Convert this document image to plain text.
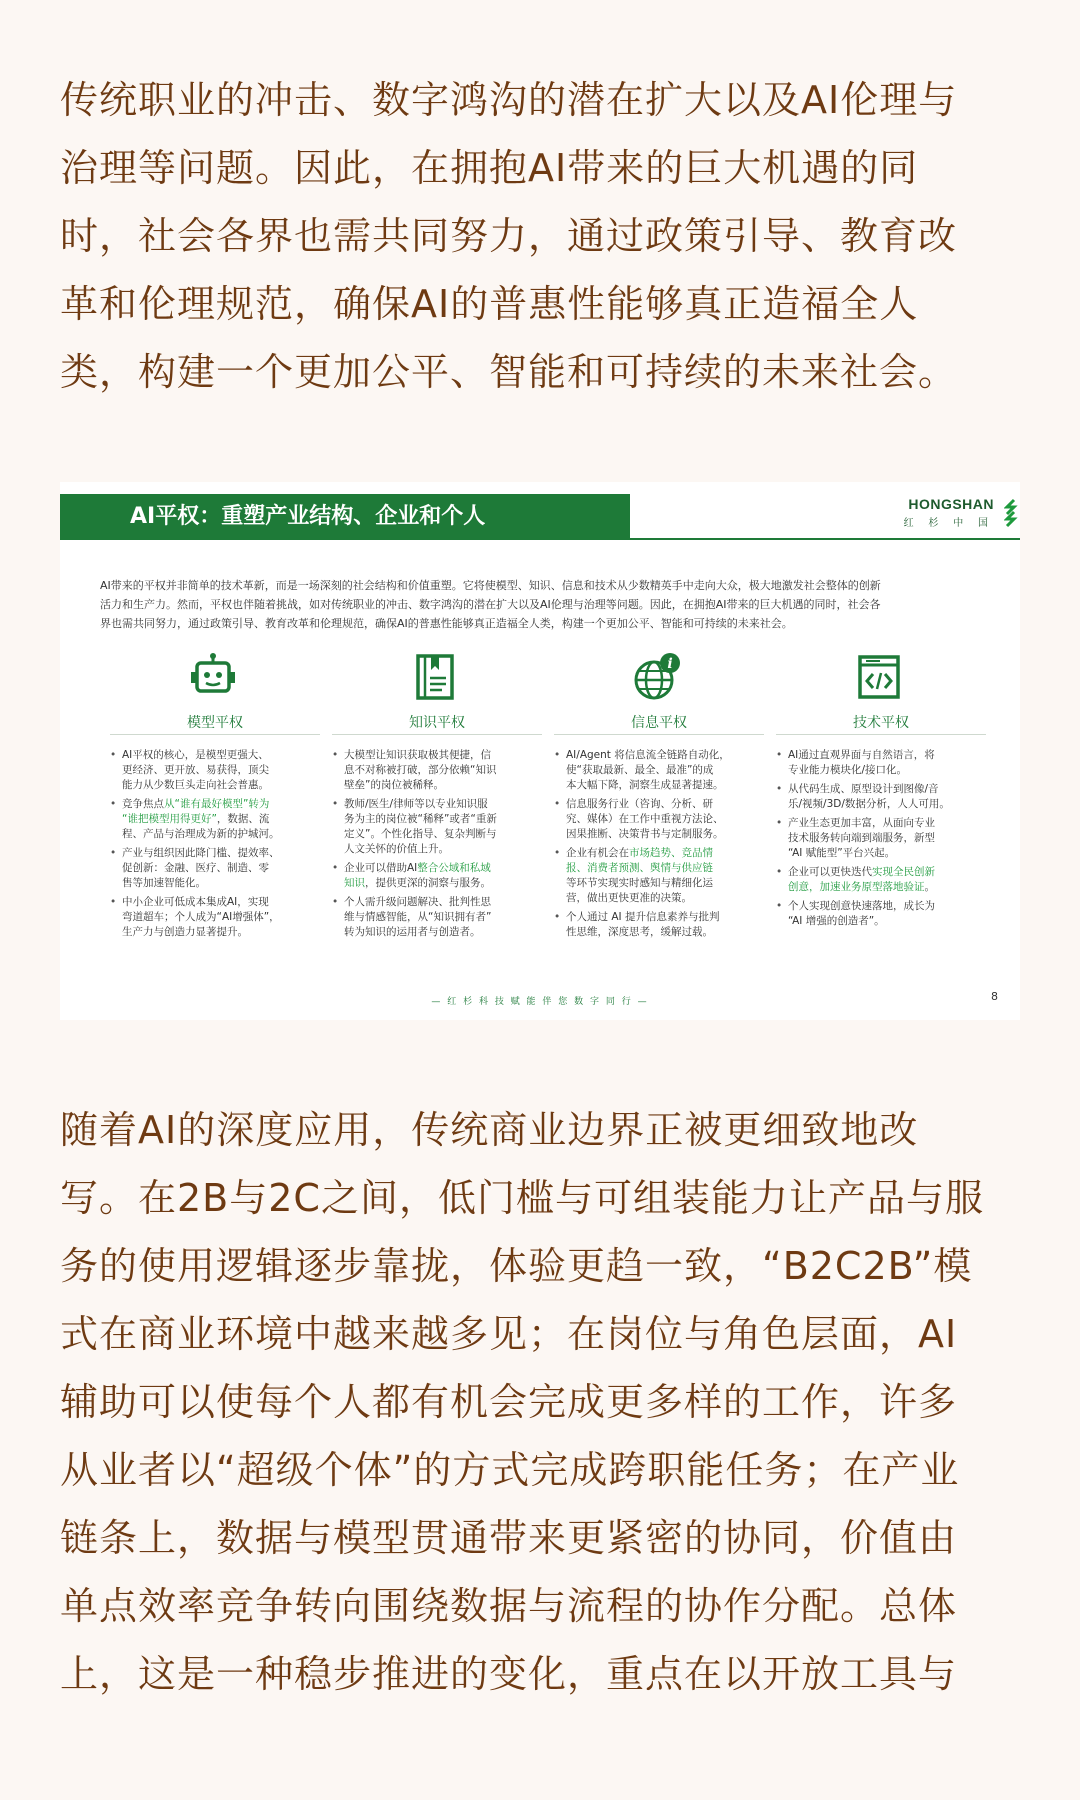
传统职业的冲击、数字鸿沟的潜在扩大以及AI伦理与
治理等问题。因此，在拥抱AI带来的巨大机遇的同
时，社会各界也需共同努力，通过政策引导、教育改
革和伦理规范，确保AI的普惠性能够真正造福全人
类，构建一个更加公平、智能和可持续的未来社会。
AI平权：重塑产业结构、企业和个人	HONGSHAN
红 杉 中 国
AI带来的平权并非简单的技术革新，而是一场深刻的社会结构和价值重塑。它将使模型、知识、信息和技术从少数精英手中走向大众，极大地激发社会整体的创新
活力和生产力。然而，平权也伴随着挑战，如对传统职业的冲击、数字鸿沟的潜在扩大以及AI伦理与治理等问题。因此，在拥抱AI带来的巨大机遇的同时，社会各
界也需共同努力，通过政策引导、教育改革和伦理规范，确保AI的普惠性能够真正造福全人类，构建一个更加公平、智能和可持续的未来社会。
模型平权
• AI平权的核心，是模型更强大、
更经济、更开放、易获得，顶尖
能力从少数巨头走向社会普惠。
• 竞争焦点从“谁有最好模型”转为
“谁把模型用得更好”，数据、流
程、产品与治理成为新的护城河。
• 产业与组织因此降门槛、提效率、
促创新：金融、医疗、制造、零
售等加速智能化。
• 中小企业可低成本集成AI，实现
弯道超车；个人成为“AI增强体”，
生产力与创造力显著提升。
知识平权
• 大模型让知识获取极其便捷，信
息不对称被打破，部分依赖“知识
壁垒”的岗位被稀释。
• 教师/医生/律师等以专业知识服
务为主的岗位被“稀释”或者“重新
定义”。个性化指导、复杂判断与
人文关怀的价值上升。
• 企业可以借助AI整合公域和私域
知识，提供更深的洞察与服务。
• 个人需升级问题解决、批判性思
维与情感智能，从“知识拥有者”
转为知识的运用者与创造者。
i
信息平权
• AI/Agent 将信息流全链路自动化，
使“获取最新、最全、最准”的成
本大幅下降，洞察生成显著提速。
• 信息服务行业（咨询、分析、研
究、媒体）在工作中重视方法论、
因果推断、决策背书与定制服务。
• 企业有机会在市场趋势、竞品情
报、消费者预测、舆情与供应链
等环节实现实时感知与精细化运
营，做出更快更准的决策。
• 个人通过 AI 提升信息素养与批判
性思维，深度思考，缓解过载。
技术平权
• AI通过直观界面与自然语言，将
专业能力模块化/接口化。
• 从代码生成、原型设计到图像/音
乐/视频/3D/数据分析，人人可用。
• 产业生态更加丰富，从面向专业
技术服务转向端到端服务，新型
“AI 赋能型”平台兴起。
• 企业可以更快迭代实现全民创新
创意，加速业务原型落地验证。
• 个人实现创意快速落地，成长为
“AI 增强的创造者”。
— 红 杉 科 技 赋 能 伴 您 数 字 同 行 —	8
随着AI的深度应用，传统商业边界正被更细致地改
写。在2B与2C之间，低门槛与可组装能力让产品与服
务的使用逻辑逐步靠拢，体验更趋一致，“B2C2B”模
式在商业环境中越来越多见；在岗位与角色层面，AI
辅助可以使每个人都有机会完成更多样的工作，许多
从业者以“超级个体”的方式完成跨职能任务；在产业
链条上，数据与模型贯通带来更紧密的协同，价值由
单点效率竞争转向围绕数据与流程的协作分配。总体
上，这是一种稳步推进的变化，重点在以开放工具与
